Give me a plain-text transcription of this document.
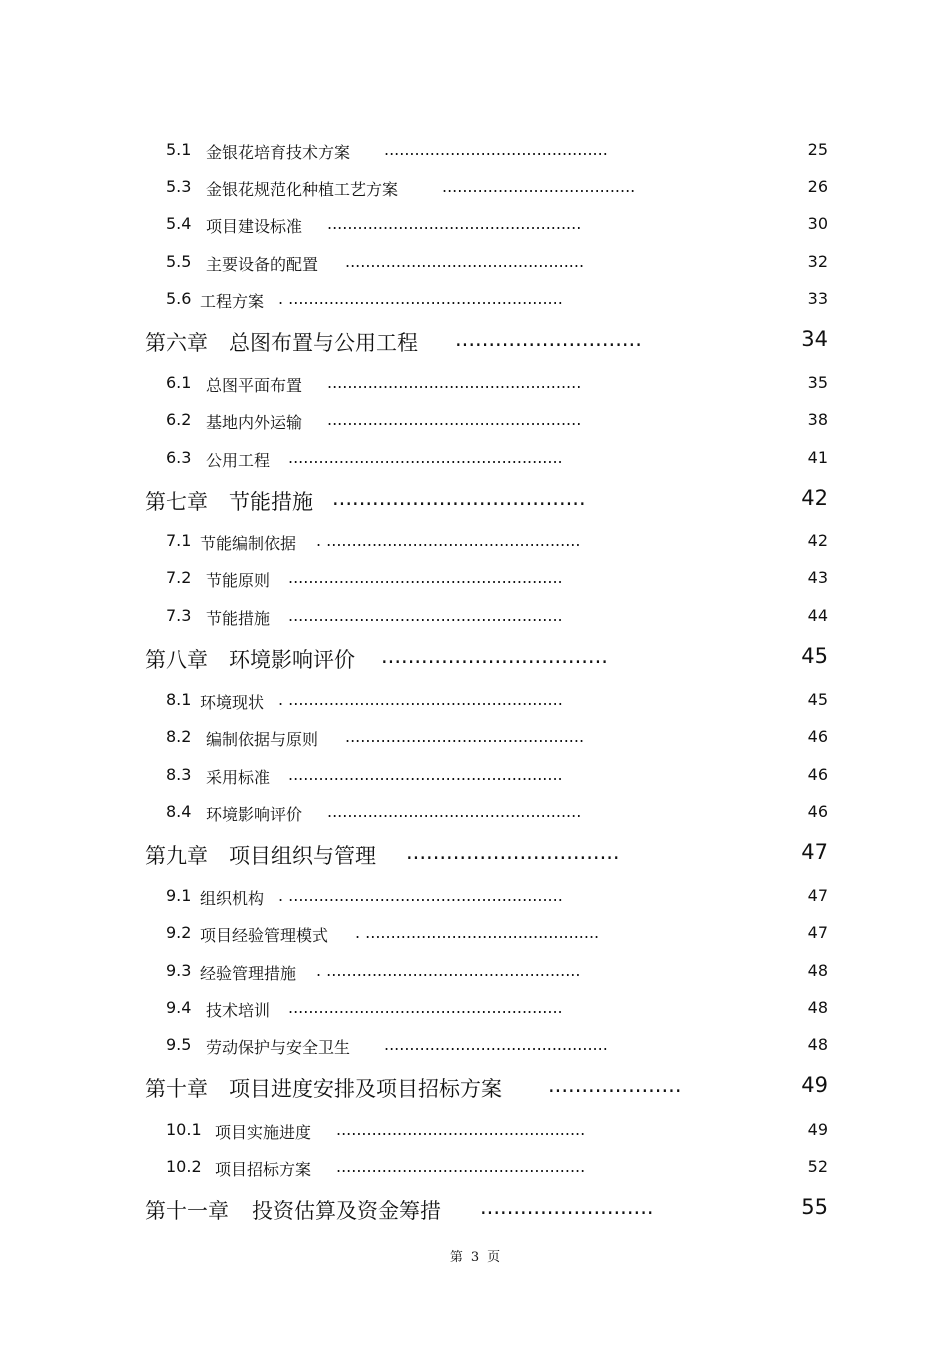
5.1 金银花培育技术方案 ............................................	25
5.3 金银花规范化种植工艺方案	......................................	26
5.4 项目建设标准 ..................................................	30
5.5 主要设备的配置 ...............................................	32
5.6 工程方案 . ......................................................	33
第六章 总图布置与公用工程 ............................	34
6.1 总图平面布置 ..................................................	35
6.2 基地内外运输 ..................................................	38
6.3 公用工程 ......................................................	41
第七章 节能措施 ......................................	42
7.1 节能编制依据 . ..................................................	42
7.2 节能原则 ......................................................	43
7.3 节能措施 ......................................................	44
第八章 环境影响评价 ..................................	45
8.1 环境现状 . ......................................................	45
8.2 编制依据与原则 ...............................................	46
8.3 采用标准 ......................................................	46
8.4 环境影响评价 ..................................................	46
第九章 项目组织与管理 ................................	47
9.1 组织机构 . ......................................................	47
9.2 项目经验管理模式 . ..............................................	47
9.3 经验管理措施 . ..................................................	48
9.4 技术培训 ......................................................	48
9.5 劳动保护与安全卫生 ............................................	48
第十章 项目进度安排及项目招标方案 ....................	49
10.1 项目实施进度 .................................................	49
10.2 项目招标方案 .................................................	52
第十一章 投资估算及资金筹措 ..........................	55
第 3 页
